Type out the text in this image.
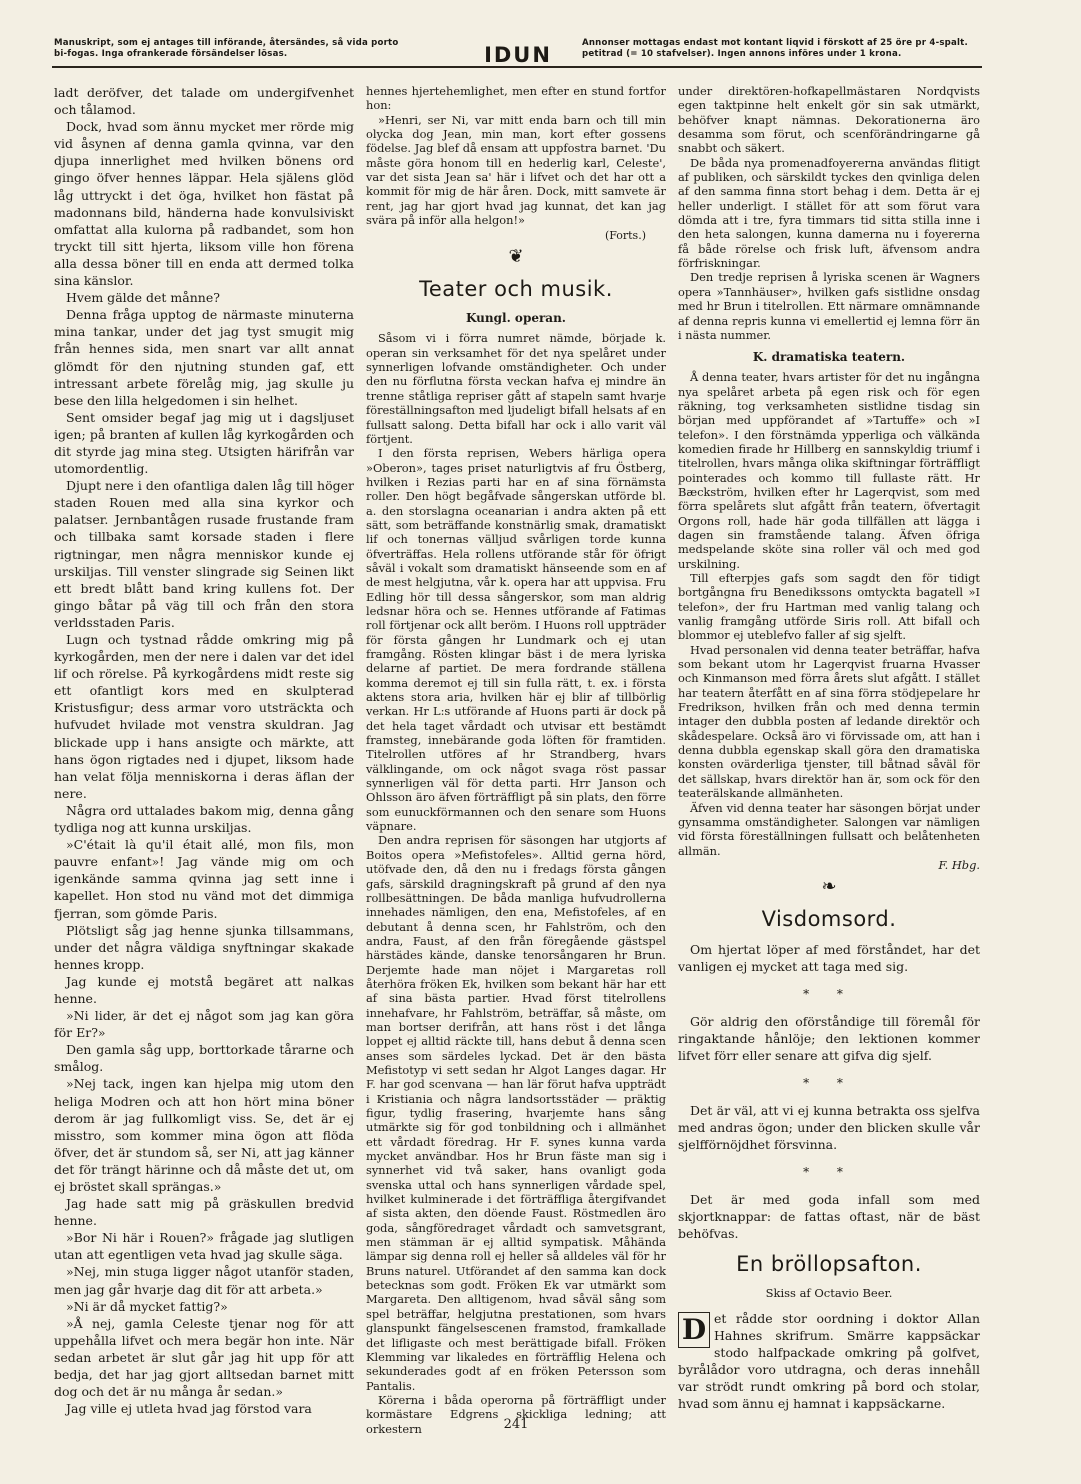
Manuskript, som ej antages till införande, återsändes, så vida porto bi-fogas. Inga ofrankerade försändelser lösas.	IDUN	Annonser mottagas endast mot kontant liqvid i förskott af 25 öre pr 4-spalt. petitrad (= 10 stafvelser). Ingen annons införes under 1 krona.

ladt deröfver, det talade om undergifvenhet och tålamod.

Dock, hvad som ännu mycket mer rörde mig vid åsynen af denna gamla qvinna, var den djupa innerlighet med hvilken bönens ord gingo öfver hennes läppar. Hela själens glöd låg uttryckt i det öga, hvilket hon fästat på madonnans bild, händerna hade konvulsiviskt omfattat alla kulorna på radbandet, som hon tryckt till sitt hjerta, liksom ville hon förena alla dessa böner till en enda att dermed tolka sina känslor.

Hvem gälde det månne?

Denna fråga upptog de närmaste minuterna mina tankar, under det jag tyst smugit mig från hennes sida, men snart var allt annat glömdt för den njutning stunden gaf, ett intressant arbete förelåg mig, jag skulle ju bese den lilla helgedomen i sin helhet.

Sent omsider begaf jag mig ut i dagsljuset igen; på branten af kullen låg kyrkogården och dit styrde jag mina steg. Utsigten härifrån var utomordentlig.

Djupt nere i den ofantliga dalen låg till höger staden Rouen med alla sina kyrkor och palatser. Jernbantågen rusade frustande fram och tillbaka samt korsade staden i flere rigtningar, men några menniskor kunde ej urskiljas. Till venster slingrade sig Seinen likt ett bredt blått band kring kullens fot. Der gingo båtar på väg till och från den stora verldsstaden Paris.

Lugn och tystnad rådde omkring mig på kyrkogården, men der nere i dalen var det idel lif och rörelse. På kyrkogårdens midt reste sig ett ofantligt kors med en skulpterad Kristusfigur; dess armar voro utsträckta och hufvudet hvilade mot venstra skuldran. Jag blickade upp i hans ansigte och märkte, att hans ögon rigtades ned i djupet, liksom hade han velat följa menniskorna i deras äflan der nere.

Några ord uttalades bakom mig, denna gång tydliga nog att kunna urskiljas.

»C'était là qu'il était allé, mon fils, mon pauvre enfant»! Jag vände mig om och igenkände samma qvinna jag sett inne i kapellet. Hon stod nu vänd mot det dimmiga fjerran, som gömde Paris.

Plötsligt såg jag henne sjunka tillsammans, under det några väldiga snyftningar skakade hennes kropp.

Jag kunde ej motstå begäret att nalkas henne.

»Ni lider, är det ej något som jag kan göra för Er?»

Den gamla såg upp, borttorkade tårarne och smålog.

»Nej tack, ingen kan hjelpa mig utom den heliga Modren och att hon hört mina böner derom är jag fullkomligt viss. Se, det är ej misstro, som kommer mina ögon att flöda öfver, det är stundom så, ser Ni, att jag känner det för trängt härinne och då måste det ut, om ej bröstet skall sprängas.»

Jag hade satt mig på gräskullen bredvid henne.

»Bor Ni här i Rouen?» frågade jag slutligen utan att egentligen veta hvad jag skulle säga.

»Nej, min stuga ligger något utanför staden, men jag går hvarje dag dit för att arbeta.»

»Ni är då mycket fattig?»

»Å nej, gamla Celeste tjenar nog för att uppehålla lifvet och mera begär hon inte. När sedan arbetet är slut går jag hit upp för att bedja, det har jag gjort alltsedan barnet mitt dog och det är nu många år sedan.»

Jag ville ej utleta hvad jag förstod vara

hennes hjertehemlighet, men efter en stund fortfor hon:

»Henri, ser Ni, var mitt enda barn och till min olycka dog Jean, min man, kort efter gossens födelse. Jag blef då ensam att uppfostra barnet. 'Du måste göra honom till en hederlig karl, Celeste', var det sista Jean sa' här i lifvet och det har ott a kommit för mig de här åren. Dock, mitt samvete är rent, jag har gjort hvad jag kunnat, det kan jag svära på inför alla helgon!»

(Forts.)
❦
Teater och musik.
Kungl. operan.

Såsom vi i förra numret nämde, började k. operan sin verksamhet för det nya spelåret under synnerligen lofvande omständigheter. Och under den nu förflutna första veckan hafva ej mindre än trenne ståtliga repriser gått af stapeln samt hvarje föreställningsafton med ljudeligt bifall helsats af en fullsatt salong. Detta bifall har ock i allo varit väl förtjent.

I den första reprisen, Webers härliga opera »Oberon», tages priset naturligtvis af fru Östberg, hvilken i Rezias parti har en af sina förnämsta roller. Den högt begåfvade sångerskan utförde bl. a. den storslagna oceanarian i andra akten på ett sätt, som beträffande konstnärlig smak, dramatiskt lif och tonernas välljud svårligen torde kunna öfverträffas. Hela rollens utförande står för öfrigt såväl i vokalt som dramatiskt hänseende som en af de mest helgjutna, vår k. opera har att uppvisa. Fru Edling hör till dessa sångerskor, som man aldrig ledsnar höra och se. Hennes utförande af Fatimas roll förtjenar ock allt beröm. I Huons roll uppträder för första gången hr Lundmark och ej utan framgång. Rösten klingar bäst i de mera lyriska delarne af partiet. De mera fordrande ställena komma deremot ej till sin fulla rätt, t. ex. i första aktens stora aria, hvilken här ej blir af tillbörlig verkan. Hr L:s utförande af Huons parti är dock på det hela taget vårdadt och utvisar ett bestämdt framsteg, innebärande goda löften för framtiden. Titelrollen utföres af hr Strandberg, hvars välklingande, om ock något svaga röst passar synnerligen väl för detta parti. Hrr Janson och Ohlsson äro äfven förträffligt på sin plats, den förre som eunuckförmannen och den senare som Huons väpnare.

Den andra reprisen för säsongen har utgjorts af Boitos opera »Mefistofeles». Alltid gerna hörd, utöfvade den, då den nu i fredags första gången gafs, särskild dragningskraft på grund af den nya rollbesättningen. De båda manliga hufvudrollerna innehades nämligen, den ena, Mefistofeles, af en debutant å denna scen, hr Fahlström, och den andra, Faust, af den från föregående gästspel härstädes kände, danske tenorsångaren hr Brun. Derjemte hade man nöjet i Margaretas roll återhöra fröken Ek, hvilken som bekant här har ett af sina bästa partier. Hvad först titelrollens innehafvare, hr Fahlström, beträffar, så måste, om man bortser derifrån, att hans röst i det långa loppet ej alltid räckte till, hans debut å denna scen anses som särdeles lyckad. Det är den bästa Mefistotyp vi sett sedan hr Algot Langes dagar. Hr F. har god scenvana — han lär förut hafva uppträdt i Kristiania och några landsortsstäder — präktig figur, tydlig frasering, hvarjemte hans sång utmärkte sig för god tonbildning och i allmänhet ett vårdadt föredrag. Hr F. synes kunna varda mycket användbar. Hos hr Brun fäste man sig i synnerhet vid två saker, hans ovanligt goda svenska uttal och hans synnerligen vårdade spel, hvilket kulminerade i det förträffliga återgifvandet af sista akten, den döende Faust. Röstmedlen äro goda, sångföredraget vårdadt och samvetsgrant, men stämman är ej alltid sympatisk. Måhända lämpar sig denna roll ej heller så alldeles väl för hr Bruns naturel. Utförandet af den samma kan dock betecknas som godt. Fröken Ek var utmärkt som Margareta. Den alltigenom, hvad såväl sång som spel beträffar, helgjutna prestationen, som hvars glanspunkt fängelsescenen framstod, framkallade det lifligaste och mest berättigade bifall. Fröken Klemming var likaledes en förträfflig Helena och sekunderades godt af en fröken Petersson som Pantalis.

Körerna i båda operorna på förträffligt under kormästare Edgrens skickliga ledning; att orkestern

under direktören-hofkapellmästaren Nordqvists egen taktpinne helt enkelt gör sin sak utmärkt, behöfver knapt nämnas. Dekorationerna äro desamma som förut, och scenförändringarne gå snabbt och säkert.

De båda nya promenadfoyererna användas flitigt af publiken, och särskildt tyckes den qvinliga delen af den samma finna stort behag i dem. Detta är ej heller underligt. I stället för att som förut vara dömda att i tre, fyra timmars tid sitta stilla inne i den heta salongen, kunna damerna nu i foyererna få både rörelse och frisk luft, äfvensom andra förfriskningar.

Den tredje reprisen å lyriska scenen är Wagners opera »Tannhäuser», hvilken gafs sistlidne onsdag med hr Brun i titelrollen. Ett närmare omnämnande af denna repris kunna vi emellertid ej lemna förr än i nästa nummer.

K. dramatiska teatern.

Å denna teater, hvars artister för det nu ingångna nya spelåret arbeta på egen risk och för egen räkning, tog verksamheten sistlidne tisdag sin början med uppförandet af »Tartuffe» och »I telefon». I den förstnämda ypperliga och välkända komedien firade hr Hillberg en sannskyldig triumf i titelrollen, hvars många olika skiftningar förträffligt pointerades och kommo till fullaste rätt. Hr Bæckström, hvilken efter hr Lagerqvist, som med förra spelårets slut afgått från teatern, öfvertagit Orgons roll, hade här goda tillfällen att lägga i dagen sin framstående talang. Äfven öfriga medspelande sköte sina roller väl och med god urskilning.

Till efterpjes gafs som sagdt den för tidigt bortgångna fru Benedikssons omtyckta bagatell »I telefon», der fru Hartman med vanlig talang och vanlig framgång utförde Siris roll. Att bifall och blommor ej uteblefvo faller af sig sjelft.

Hvad personalen vid denna teater beträffar, hafva som bekant utom hr Lagerqvist fruarna Hvasser och Kinmanson med förra årets slut afgått. I stället har teatern återfått en af sina förra stödjepelare hr Fredrikson, hvilken från och med denna termin intager den dubbla posten af ledande direktör och skådespelare. Också äro vi förvissade om, att han i denna dubbla egenskap skall göra den dramatiska konsten ovärderliga tjenster, till båtnad såväl för det sällskap, hvars direktör han är, som ock för den teaterälskande allmänheten.

Äfven vid denna teater har säsongen börjat under gynsamma omständigheter. Salongen var nämligen vid första föreställningen fullsatt och belåtenheten allmän.

F. Hbg.

❧
Visdomsord.

Om hjertat löper af med förståndet, har det vanligen ej mycket att taga med sig.

* *

Gör aldrig den oförståndige till föremål för ringaktande hånlöje; den lektionen kommer lifvet förr eller senare att gifva dig sjelf.

* *

Det är väl, att vi ej kunna betrakta oss sjelfva med andras ögon; under den blicken skulle vår sjelfförnöjdhet försvinna.

* *

Det är med goda infall som med skjortknappar: de fattas oftast, när de bäst behöfvas.

En bröllopsafton.
Skiss af Octavio Beer.

D et rådde stor oordning i doktor Allan Hahnes skrifrum. Smärre kappsäckar stodo halfpackade omkring på golfvet, byrålådor voro utdragna, och deras innehåll var strödt rundt omkring på bord och stolar, hvad som ännu ej hamnat i kappsäckarne.

241
